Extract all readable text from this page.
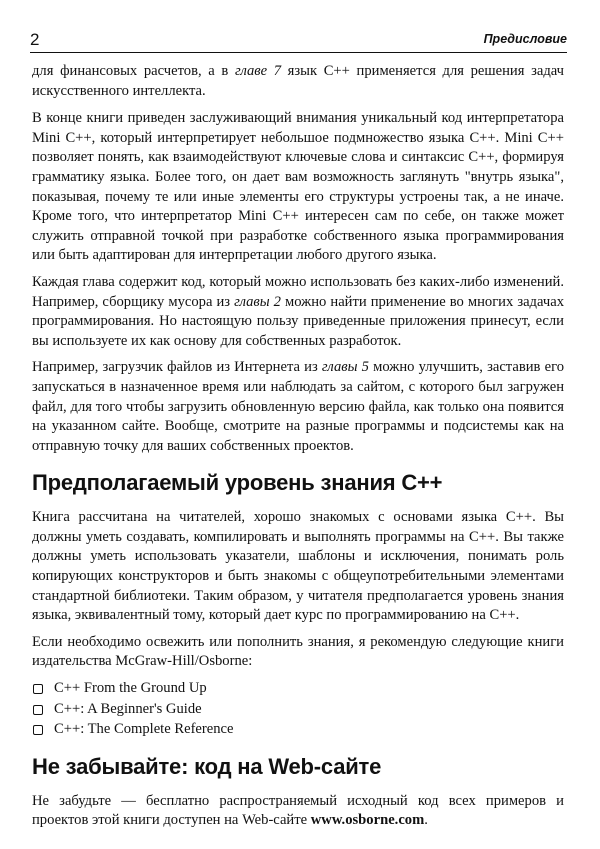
2	Предисловие

для финансовых расчетов, а в главе 7 язык C++ применяется для решения задач искусственного интеллекта.

В конце книги приведен заслуживающий внимания уникальный код интерпретатора Mini C++, который интерпретирует небольшое подмножество языка C++. Mini C++ позволяет понять, как взаимодействуют ключевые слова и синтаксис C++, формируя грамматику языка. Более того, он дает вам возможность заглянуть "внутрь языка", показывая, почему те или иные элементы его структуры устроены так, а не иначе. Кроме того, что интерпретатор Mini C++ интересен сам по себе, он также может служить отправной точкой при разработке собственного языка программирования или быть адаптирован для интерпретации любого другого языка.

Каждая глава содержит код, который можно использовать без каких-либо изменений. Например, сборщику мусора из главы 2 можно найти применение во многих задачах программирования. Но настоящую пользу приведенные приложения принесут, если вы используете их как основу для собственных разработок.

Например, загрузчик файлов из Интернета из главы 5 можно улучшить, заставив его запускаться в назначенное время или наблюдать за сайтом, с которого был загружен файл, для того чтобы загрузить обновленную версию файла, как только она появится на указанном сайте. Вообще, смотрите на разные программы и подсистемы как на отправную точку для ваших собственных проектов.

Предполагаемый уровень знания C++

Книга рассчитана на читателей, хорошо знакомых с основами языка C++. Вы должны уметь создавать, компилировать и выполнять программы на C++. Вы также должны уметь использовать указатели, шаблоны и исключения, понимать роль копирующих конструкторов и быть знакомы с общеупотребительными элементами стандартной библиотеки. Таким образом, у читателя предполагается уровень знания языка, эквивалентный тому, который дает курс по программированию на C++.

Если необходимо освежить или пополнить знания, я рекомендую следующие книги издательства McGraw-Hill/Osborne:

C++ From the Ground Up
C++: A Beginner's Guide
C++: The Complete Reference
Не забывайте: код на Web-сайте

Не забудьте — бесплатно распространяемый исходный код всех примеров и проектов этой книги доступен на Web-сайте www.osborne.com.
